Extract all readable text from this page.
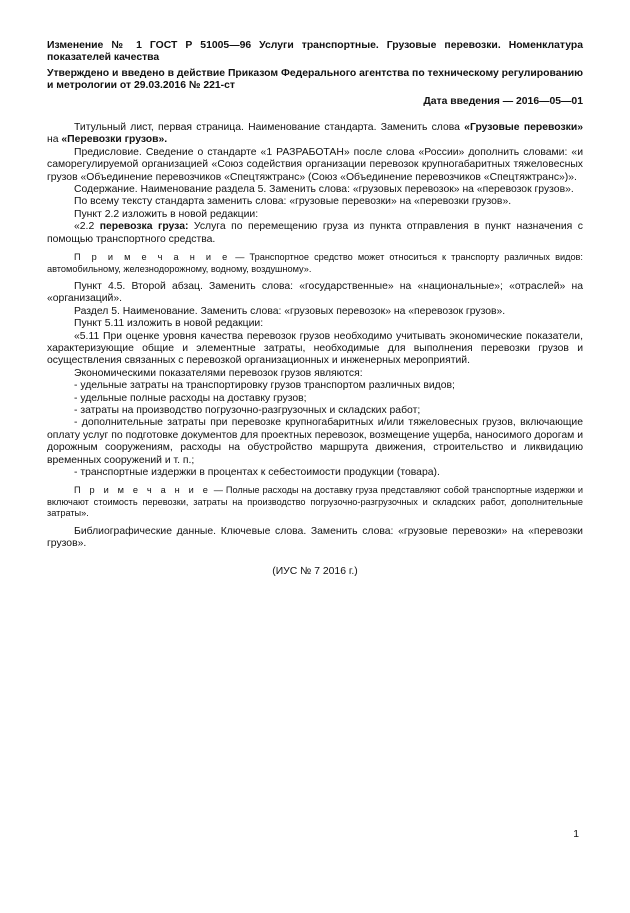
Изменение № 1 ГОСТ Р 51005—96 Услуги транспортные. Грузовые перевозки. Номенклатура показателей качества

Утверждено и введено в действие Приказом Федерального агентства по техническому регулированию и метрологии от 29.03.2016 № 221-ст

Дата введения — 2016—05—01

Титульный лист, первая страница. Наименование стандарта. Заменить слова «Грузовые перевозки» на «Перевозки грузов».

Предисловие. Сведение о стандарте «1 РАЗРАБОТАН» после слова «России» дополнить словами: «и саморегулируемой организацией «Союз содействия организации перевозок крупногабаритных тяжеловесных грузов «Объединение перевозчиков «Спецтяжтранс» (Союз «Объединение перевозчиков «Спецтяжтранс»)».

Содержание. Наименование раздела 5. Заменить слова: «грузовых перевозок» на «перевозок грузов».

По всему тексту стандарта заменить слова: «грузовые перевозки» на «перевозки грузов».

Пункт 2.2 изложить в новой редакции:

«2.2 перевозка груза: Услуга по перемещению груза из пункта отправления в пункт назначения с помощью транспортного средства.

П р и м е ч а н и е — Транспортное средство может относиться к транспорту различных видов: автомобильному, железнодорожному, водному, воздушному».

Пункт 4.5. Второй абзац. Заменить слова: «государственные» на «национальные»; «отраслей» на «организаций».

Раздел 5. Наименование. Заменить слова: «грузовых перевозок» на «перевозок грузов».

Пункт 5.11 изложить в новой редакции:

«5.11 При оценке уровня качества перевозок грузов необходимо учитывать экономические показатели, характеризующие общие и элементные затраты, необходимые для выполнения перевозки грузов и осуществления связанных с перевозкой организационных и инженерных мероприятий.

Экономическими показателями перевозок грузов являются:

- удельные затраты на транспортировку грузов транспортом различных видов;

- удельные полные расходы на доставку грузов;

- затраты на производство погрузочно-разгрузочных и складских работ;

- дополнительные затраты при перевозке крупногабаритных и/или тяжеловесных грузов, включающие оплату услуг по подготовке документов для проектных перевозок, возмещение ущерба, наносимого дорогам и дорожным сооружениям, расходы на обустройство маршрута движения, строительство и ликвидацию временных сооружений и т. п.;

- транспортные издержки в процентах к себестоимости продукции (товара).

П р и м е ч а н и е — Полные расходы на доставку груза представляют собой транспортные издержки и включают стоимость перевозки, затраты на производство погрузочно-разгрузочных и складских работ, дополнительные затраты».

Библиографические данные. Ключевые слова. Заменить слова: «грузовые перевозки» на «перевозки грузов».

(ИУС № 7 2016 г.)

1
